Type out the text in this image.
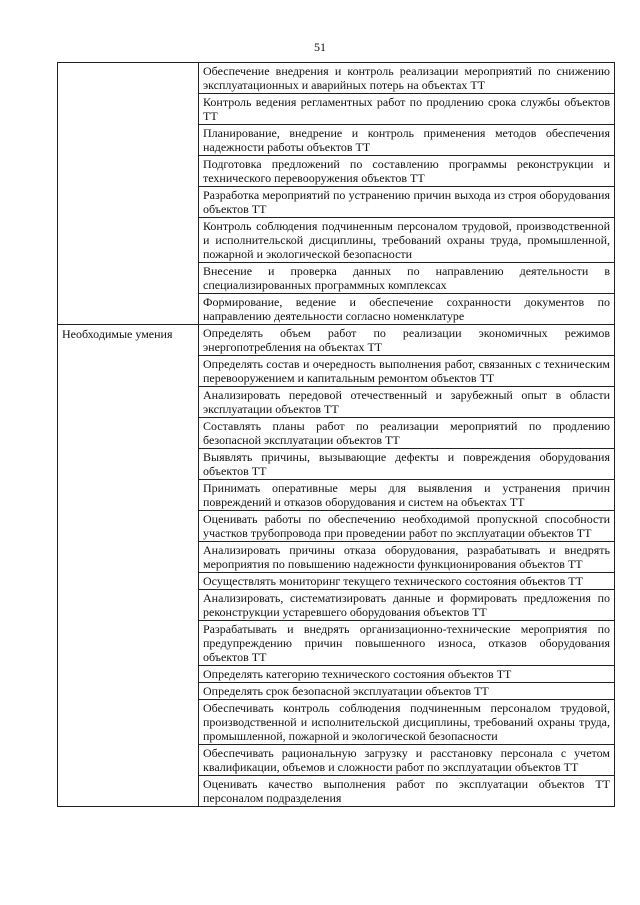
51

	Обеспечение внедрения и контроль реализации мероприятий по снижению эксплуатационных и аварийных потерь на объектах ТТ

	Контроль ведения регламентных работ по продлению срока службы объектов ТТ

	Планирование, внедрение и контроль применения методов обеспечения надежности работы объектов ТТ

	Подготовка предложений по составлению программы реконструкции и технического перевооружения объектов ТТ

	Разработка мероприятий по устранению причин выхода из строя оборудования объектов ТТ

	Контроль соблюдения подчиненным персоналом трудовой, производственной и исполнительской дисциплины, требований охраны труда, промышленной, пожарной и экологической безопасности

	Внесение и проверка данных по направлению деятельности в специализированных программных комплексах

	Формирование, ведение и обеспечение сохранности документов по направлению деятельности согласно номенклатуре

Необходимые умения	Определять объем работ по реализации экономичных режимов энергопотребления на объектах ТТ

	Определять состав и очередность выполнения работ, связанных с техническим перевооружением и капитальным ремонтом объектов ТТ

	Анализировать передовой отечественный и зарубежный опыт в области эксплуатации объектов ТТ

	Составлять планы работ по реализации мероприятий по продлению безопасной эксплуатации объектов ТТ

	Выявлять причины, вызывающие дефекты и повреждения оборудования объектов ТТ

	Принимать оперативные меры для выявления и устранения причин повреждений и отказов оборудования и систем на объектах ТТ

	Оценивать работы по обеспечению необходимой пропускной способности участков трубопровода при проведении работ по эксплуатации объектов ТТ

	Анализировать причины отказа оборудования, разрабатывать и внедрять мероприятия по повышению надежности функционирования объектов ТТ

	Осуществлять мониторинг текущего технического состояния объектов ТТ

	Анализировать, систематизировать данные и формировать предложения по реконструкции устаревшего оборудования объектов ТТ

	Разрабатывать и внедрять организационно-технические мероприятия по предупреждению причин повышенного износа, отказов оборудования объектов ТТ

	Определять категорию технического состояния объектов ТТ

	Определять срок безопасной эксплуатации объектов ТТ

	Обеспечивать контроль соблюдения подчиненным персоналом трудовой, производственной и исполнительской дисциплины, требований охраны труда, промышленной, пожарной и экологической безопасности

	Обеспечивать рациональную загрузку и расстановку персонала с учетом квалификации, объемов и сложности работ по эксплуатации объектов ТТ

	Оценивать качество выполнения работ по эксплуатации объектов ТТ персоналом подразделения
